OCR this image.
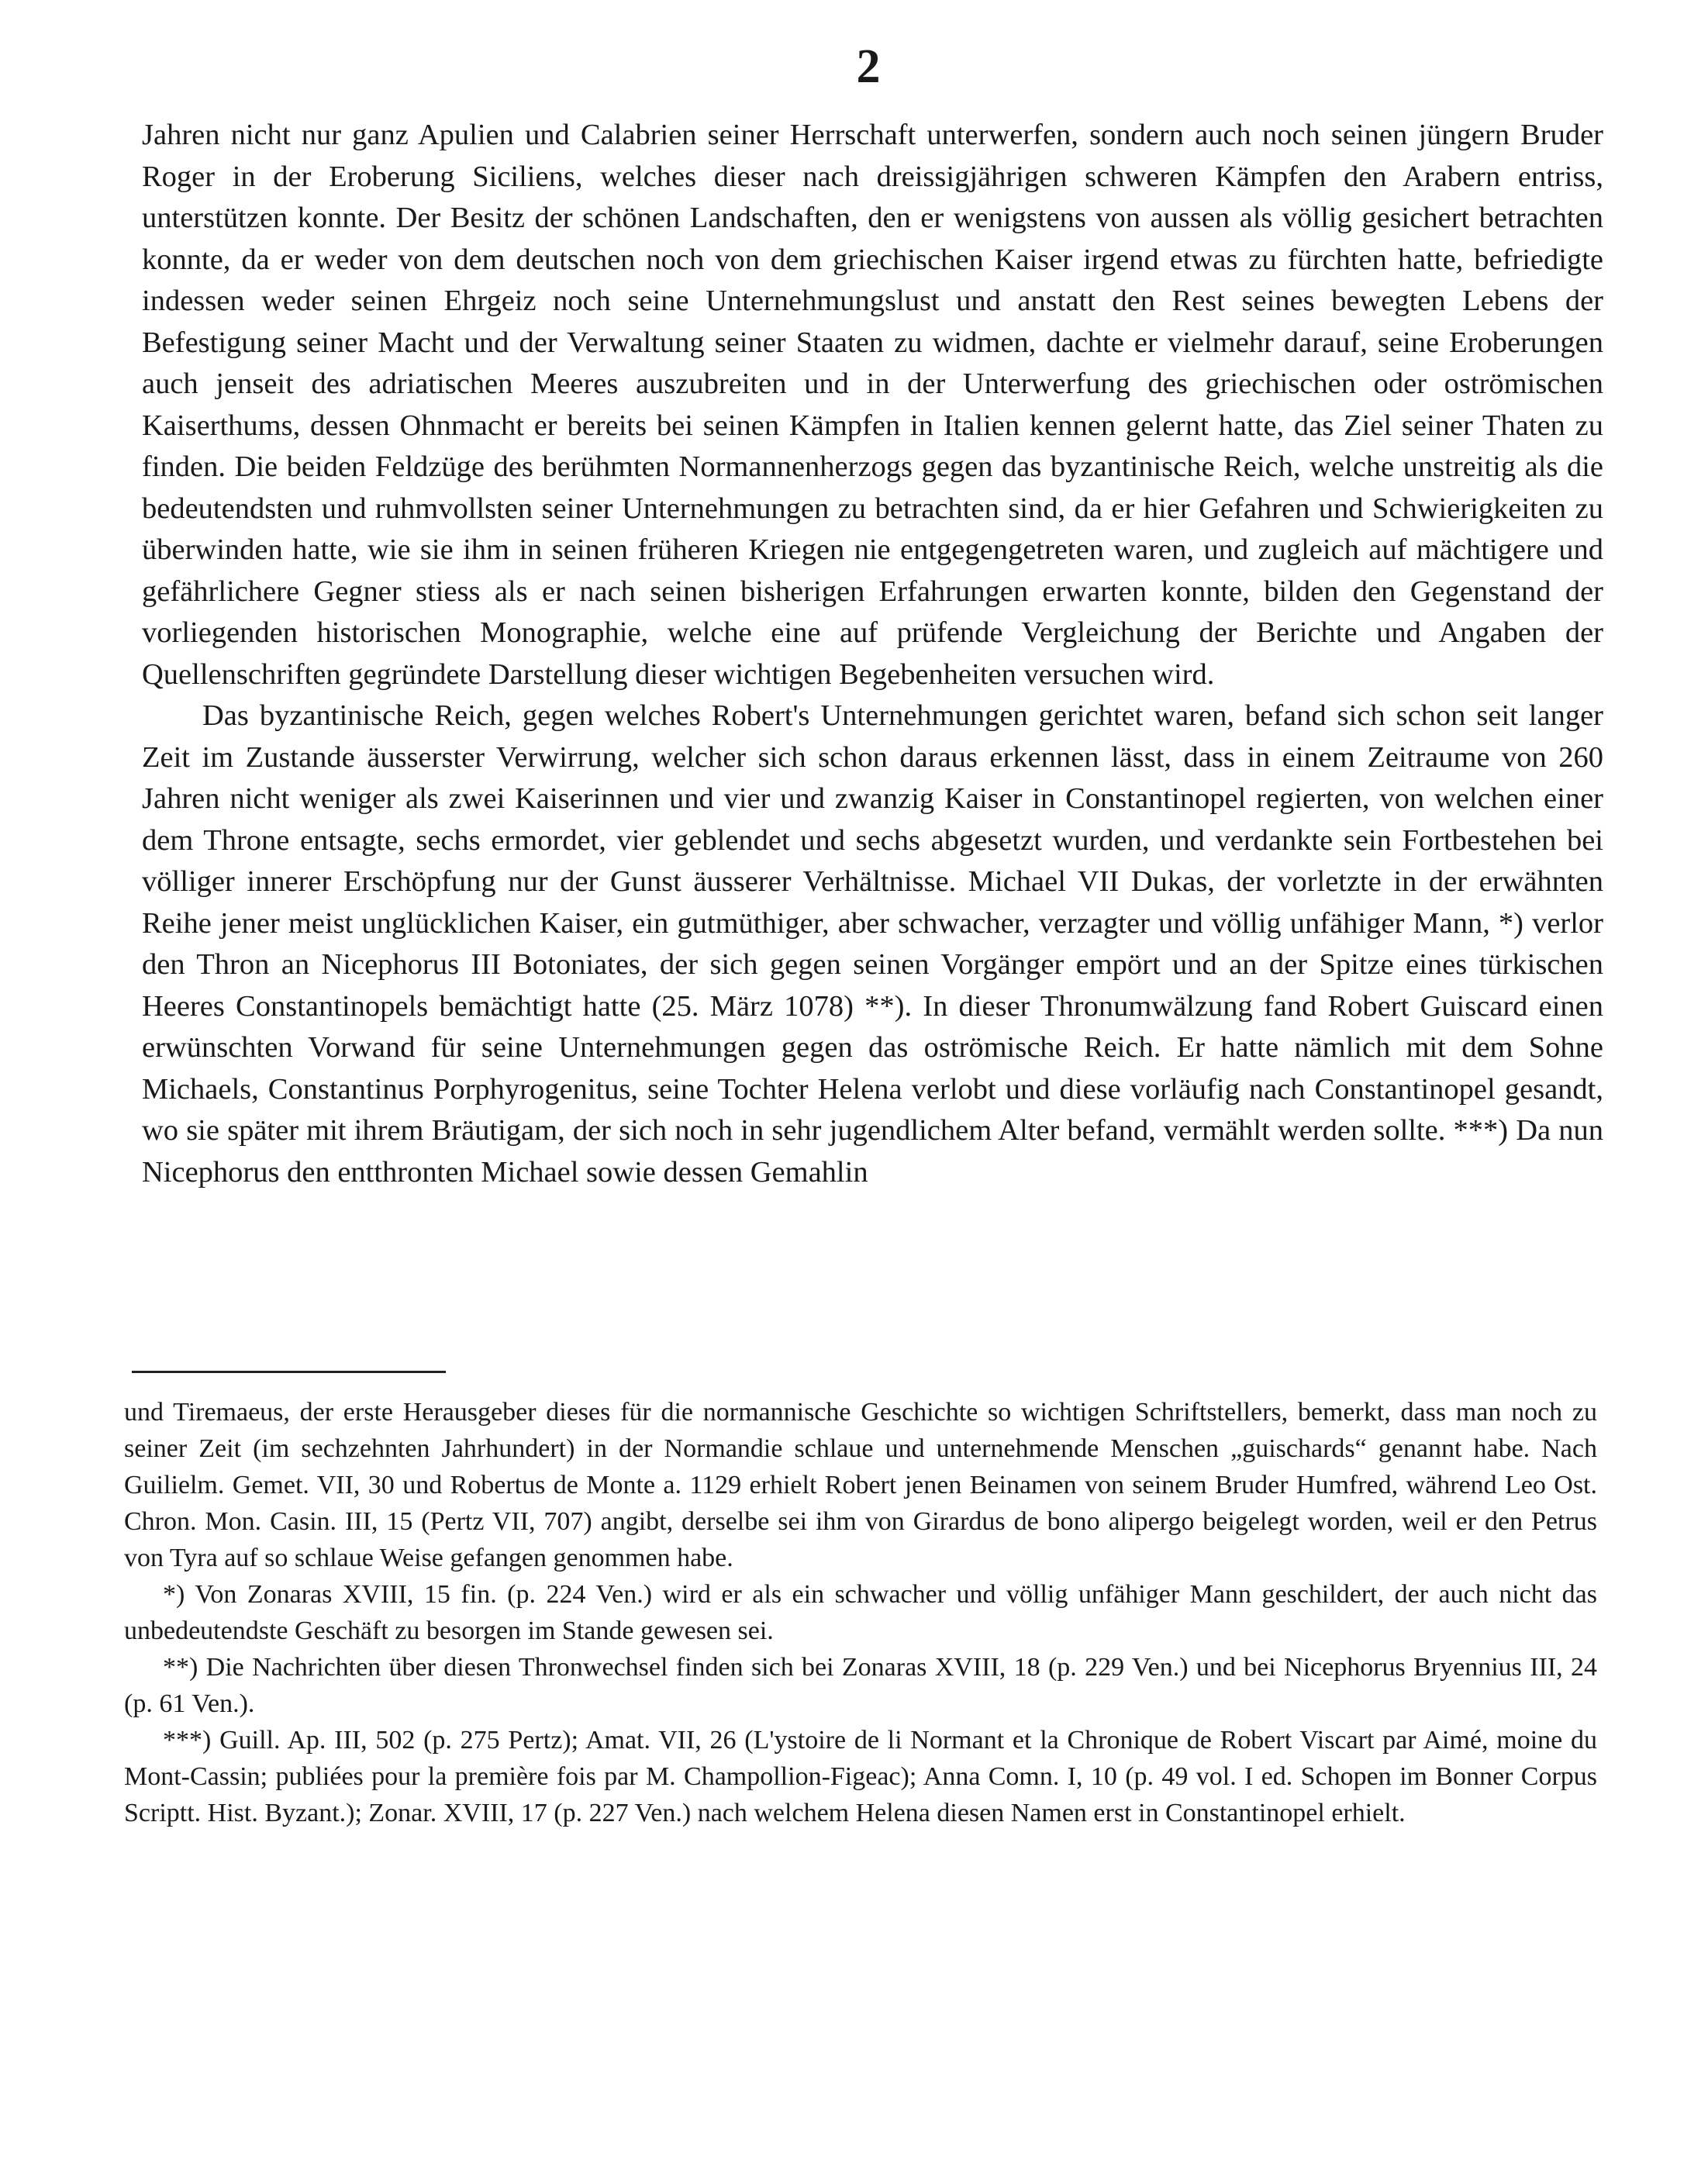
2

Jahren nicht nur ganz Apulien und Calabrien seiner Herrschaft unterwerfen, sondern auch noch seinen jüngern Bruder Roger in der Eroberung Siciliens, welches dieser nach dreissigjährigen schweren Kämpfen den Arabern entriss, unterstützen konnte. Der Besitz der schönen Landschaften, den er wenigstens von aussen als völlig gesichert betrachten konnte, da er weder von dem deutschen noch von dem griechischen Kaiser irgend etwas zu fürchten hatte, befriedigte indessen weder seinen Ehrgeiz noch seine Unternehmungslust und anstatt den Rest seines bewegten Lebens der Befestigung seiner Macht und der Verwaltung seiner Staaten zu widmen, dachte er vielmehr darauf, seine Eroberungen auch jenseit des adriatischen Meeres auszubreiten und in der Unterwerfung des griechischen oder oströmischen Kaiserthums, dessen Ohnmacht er bereits bei seinen Kämpfen in Italien kennen gelernt hatte, das Ziel seiner Thaten zu finden. Die beiden Feldzüge des berühmten Normannenherzogs gegen das byzantinische Reich, welche unstreitig als die bedeutendsten und ruhmvollsten seiner Unternehmungen zu betrachten sind, da er hier Gefahren und Schwierigkeiten zu überwinden hatte, wie sie ihm in seinen früheren Kriegen nie entgegengetreten waren, und zugleich auf mächtigere und gefährlichere Gegner stiess als er nach seinen bisherigen Erfahrungen erwarten konnte, bilden den Gegenstand der vorliegenden historischen Monographie, welche eine auf prüfende Vergleichung der Berichte und Angaben der Quellenschriften gegründete Darstellung dieser wichtigen Begebenheiten versuchen wird.

Das byzantinische Reich, gegen welches Robert's Unternehmungen gerichtet waren, befand sich schon seit langer Zeit im Zustande äusserster Verwirrung, welcher sich schon daraus erkennen lässt, dass in einem Zeitraume von 260 Jahren nicht weniger als zwei Kaiserinnen und vier und zwanzig Kaiser in Constantinopel regierten, von welchen einer dem Throne entsagte, sechs ermordet, vier geblendet und sechs abgesetzt wurden, und verdankte sein Fortbestehen bei völliger innerer Erschöpfung nur der Gunst äusserer Verhältnisse. Michael VII Dukas, der vorletzte in der erwähnten Reihe jener meist unglücklichen Kaiser, ein gutmüthiger, aber schwacher, verzagter und völlig unfähiger Mann, *) verlor den Thron an Nicephorus III Botoniates, der sich gegen seinen Vorgänger empört und an der Spitze eines türkischen Heeres Constantinopels bemächtigt hatte (25. März 1078) **). In dieser Thronumwälzung fand Robert Guiscard einen erwünschten Vorwand für seine Unternehmungen gegen das oströmische Reich. Er hatte nämlich mit dem Sohne Michaels, Constantinus Porphyrogenitus, seine Tochter Helena verlobt und diese vorläufig nach Constantinopel gesandt, wo sie später mit ihrem Bräutigam, der sich noch in sehr jugendlichem Alter befand, vermählt werden sollte. ***) Da nun Nicephorus den entthronten Michael sowie dessen Gemahlin

und Tiremaeus, der erste Herausgeber dieses für die normannische Geschichte so wichtigen Schriftstellers, bemerkt, dass man noch zu seiner Zeit (im sechzehnten Jahrhundert) in der Normandie schlaue und unternehmende Menschen „guischards“ genannt habe. Nach Guilielm. Gemet. VII, 30 und Robertus de Monte a. 1129 erhielt Robert jenen Beinamen von seinem Bruder Humfred, während Leo Ost. Chron. Mon. Casin. III, 15 (Pertz VII, 707) angibt, derselbe sei ihm von Girardus de bono alipergo beigelegt worden, weil er den Petrus von Tyra auf so schlaue Weise gefangen genommen habe.

*) Von Zonaras XVIII, 15 fin. (p. 224 Ven.) wird er als ein schwacher und völlig unfähiger Mann geschildert, der auch nicht das unbedeutendste Geschäft zu besorgen im Stande gewesen sei.

**) Die Nachrichten über diesen Thronwechsel finden sich bei Zonaras XVIII, 18 (p. 229 Ven.) und bei Nicephorus Bryennius III, 24 (p. 61 Ven.).

***) Guill. Ap. III, 502 (p. 275 Pertz); Amat. VII, 26 (L'ystoire de li Normant et la Chronique de Robert Viscart par Aimé, moine du Mont-Cassin; publiées pour la première fois par M. Champollion-Figeac); Anna Comn. I, 10 (p. 49 vol. I ed. Schopen im Bonner Corpus Scriptt. Hist. Byzant.); Zonar. XVIII, 17 (p. 227 Ven.) nach welchem Helena diesen Namen erst in Constantinopel erhielt.
